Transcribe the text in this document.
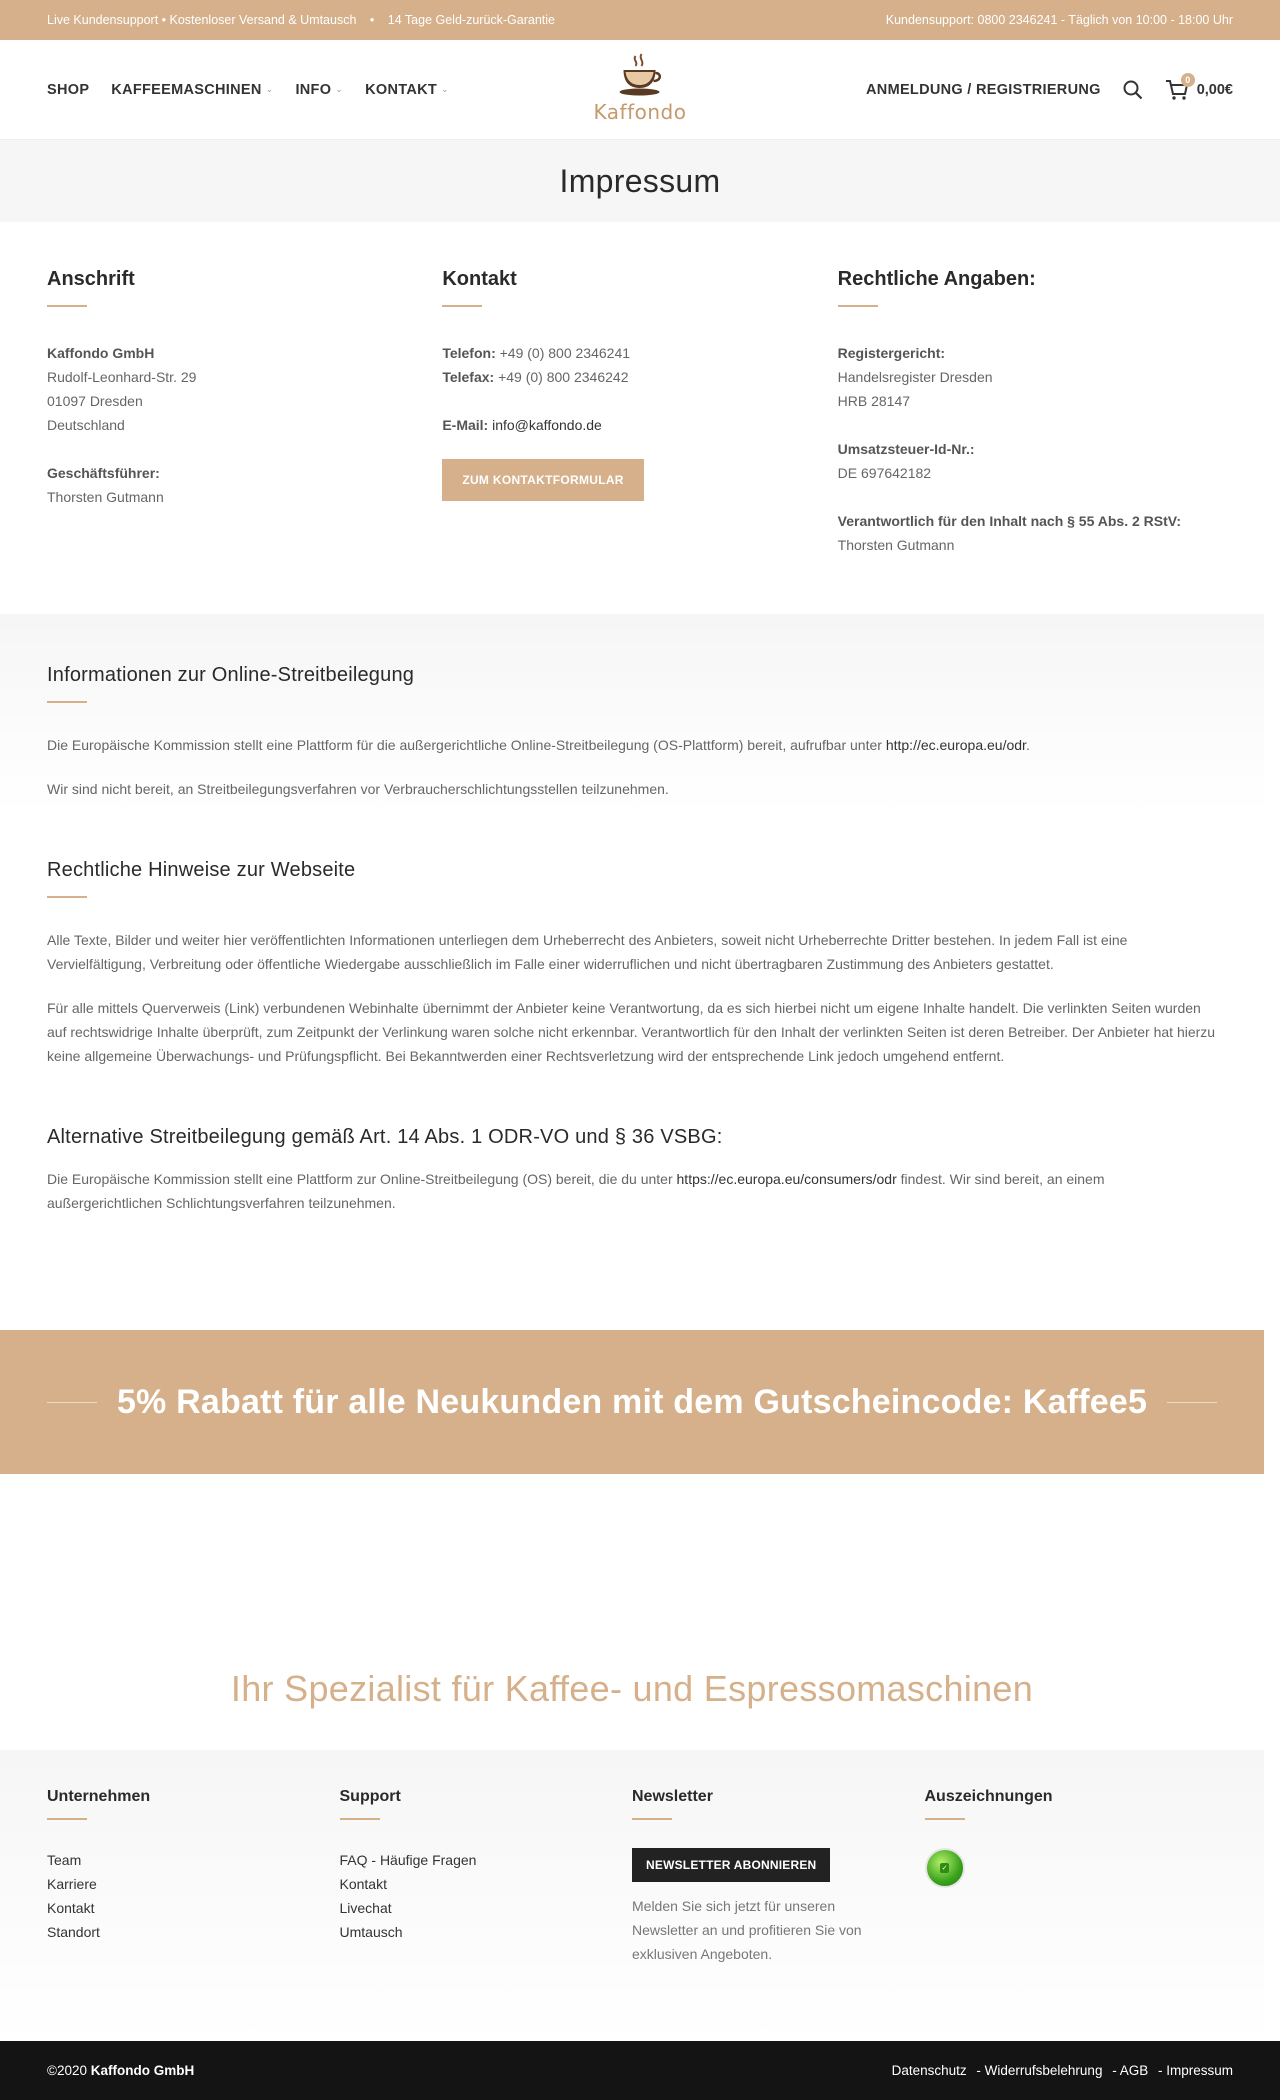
Live Kundensupport • Kostenloser Versand & Umtausch • 14 Tage Geld-zurück-Garantie	Kundensupport: 0800 2346241 - Täglich von 10:00 - 18:00 Uhr
SHOP KAFFEEMASCHINEN ⌄ INFO ⌄ KONTAKT ⌄
Kaffondo
ANMELDUNG / REGISTRIERUNG
0
0,00€
Impressum
Anschrift

Kaffondo GmbH
Rudolf-Leonhard-Str. 29
01097 Dresden
Deutschland

Geschäftsführer:
Thorsten Gutmann

Kontakt

Telefon: +49 (0) 800 2346241
Telefax: +49 (0) 800 2346242

E-Mail: info@kaffondo.de

ZUM KONTAKTFORMULAR
Rechtliche Angaben:

Registergericht:
Handelsregister Dresden
HRB 28147

Umsatzsteuer-Id-Nr.:
DE 697642182

Verantwortlich für den Inhalt nach § 55 Abs. 2 RStV:
Thorsten Gutmann

Informationen zur Online-Streitbeilegung

Die Europäische Kommission stellt eine Plattform für die außergerichtliche Online-Streitbeilegung (OS-Plattform) bereit, aufrufbar unter http://ec.europa.eu/odr.

Wir sind nicht bereit, an Streitbeilegungsverfahren vor Verbraucherschlichtungsstellen teilzunehmen.

Rechtliche Hinweise zur Webseite

Alle Texte, Bilder und weiter hier veröffentlichten Informationen unterliegen dem Urheberrecht des Anbieters, soweit nicht Urheberrechte Dritter bestehen. In jedem Fall ist eine Vervielfältigung, Verbreitung oder öffentliche Wiedergabe ausschließlich im Falle einer widerruflichen und nicht übertragbaren Zustimmung des Anbieters gestattet.

Für alle mittels Querverweis (Link) verbundenen Webinhalte übernimmt der Anbieter keine Verantwortung, da es sich hierbei nicht um eigene Inhalte handelt. Die verlinkten Seiten wurden auf rechtswidrige Inhalte überprüft, zum Zeitpunkt der Verlinkung waren solche nicht erkennbar. Verantwortlich für den Inhalt der verlinkten Seiten ist deren Betreiber. Der Anbieter hat hierzu keine allgemeine Überwachungs- und Prüfungspflicht. Bei Bekanntwerden einer Rechtsverletzung wird der entsprechende Link jedoch umgehend entfernt.

Alternative Streitbeilegung gemäß Art. 14 Abs. 1 ODR-VO und § 36 VSBG:

Die Europäische Kommission stellt eine Plattform zur Online-Streitbeilegung (OS) bereit, die du unter https://ec.europa.eu/consumers/odr findest. Wir sind bereit, an einem außergerichtlichen Schlichtungsverfahren teilzunehmen.

5% Rabatt für alle Neukunden mit dem Gutscheincode: Kaffee5
Ihr Spezialist für Kaffee- und Espressomaschinen
Unternehmen
Team
Karriere
Kontakt
Standort
Support
FAQ - Häufige Fragen
Kontakt
Livechat
Umtausch
Newsletter
NEWSLETTER ABONNIEREN

Melden Sie sich jetzt für unseren Newsletter an und profitieren Sie von exklusiven Angeboten.

Auszeichnungen
✓
©2020 Kaffondo GmbH	Datenschutz - Widerrufsbelehrung - AGB - Impressum
